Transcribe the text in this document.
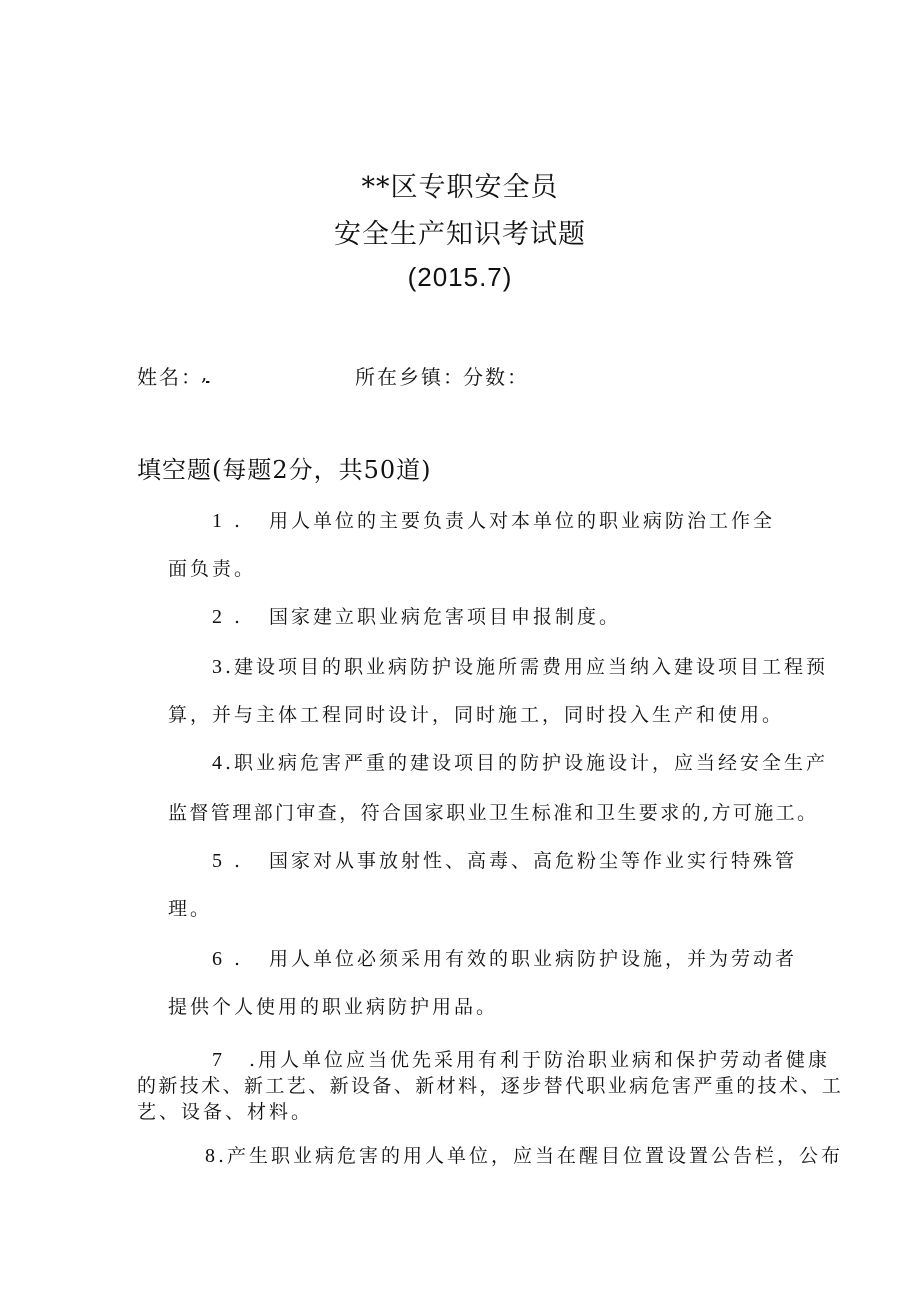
**区专职安全员
安全生产知识考试题
(2015.7)
姓名：
,	所在乡镇：
分数：
填空题(每题2分，共50道)
1 . 用人单位的主要负责人对本单位的职业病防治工作全
面负责。
2 . 国家建立职业病危害项目申报制度。
3.建设项目的职业病防护设施所需费用应当纳入建设项目工程预
算，并与主体工程同时设计，同时施工，同时投入生产和使用。
4.职业病危害严重的建设项目的防护设施设计，应当经安全生产
监督管理部门审查，符合国家职业卫生标准和卫生要求的,方可施工。
5 . 国家对从事放射性、高毒、高危粉尘等作业实行特殊管
理。
6 . 用人单位必须采用有效的职业病防护设施，并为劳动者
提供个人使用的职业病防护用品。
7 .用人单位应当优先采用有利于防治职业病和保护劳动者健康
的新技术、新工艺、新设备、新材料，逐步替代职业病危害严重的技术、工
艺、设备、材料。
8.产生职业病危害的用人单位，应当在醒目位置设置公告栏，公布
